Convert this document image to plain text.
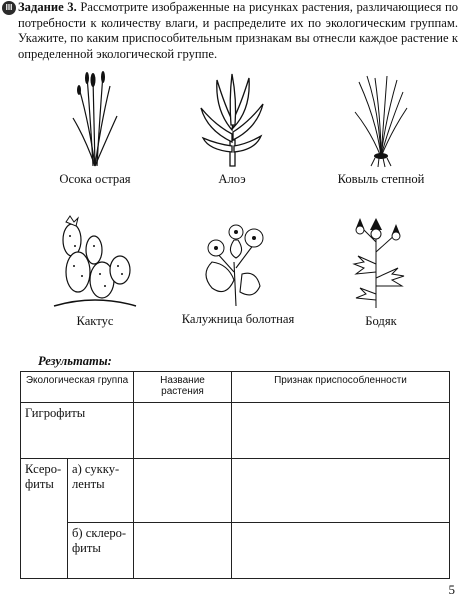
III Задание 3. Рассмотрите изображенные на рисунках растения, различающиеся по потребности к количеству влаги, и распределите их по экологическим группам. Укажите, по каким приспособительным признакам вы отнесли каждое растение к определенной экологической группе.
Осока острая	Алоэ	Ковыль степной
Кактус	Калужница болотная	Бодяк
Результаты:
Экологическая группа		Название растения	Признак приспособленности
Гигрофиты			
Ксеро-фиты	а) сукку-ленты		
	б) склеро-фиты		
5
